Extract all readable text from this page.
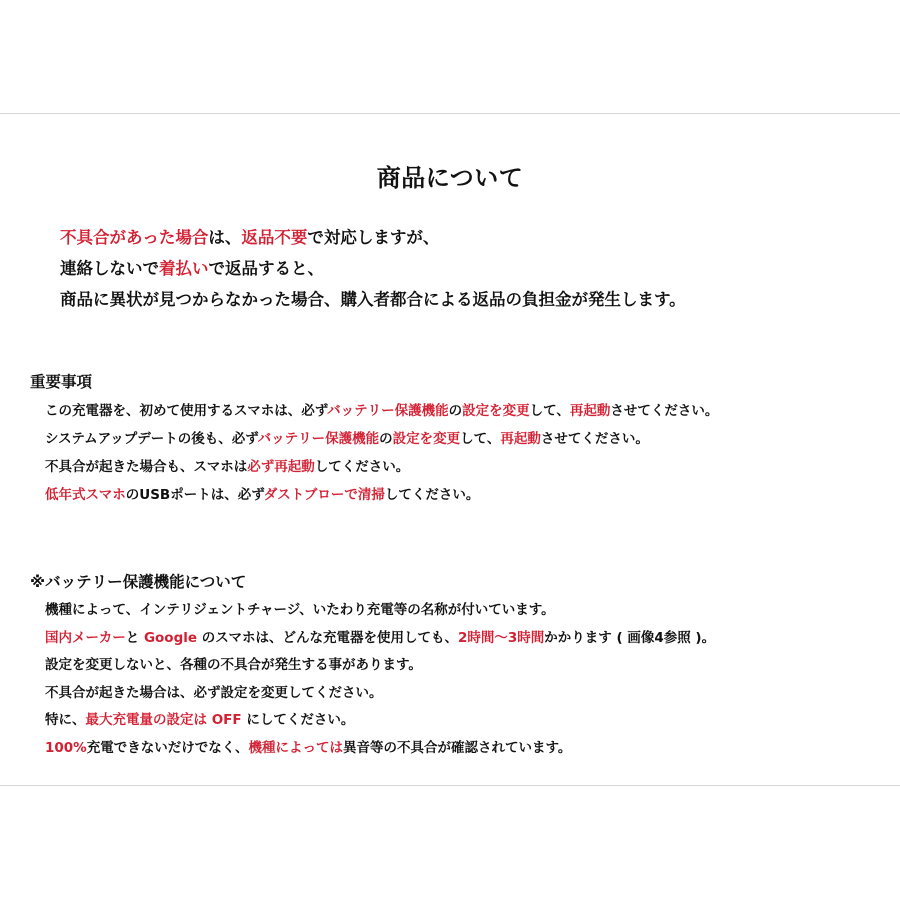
商品について
不具合があった場合は、返品不要で対応しますが、
連絡しないで着払いで返品すると、
商品に異状が見つからなかった場合、購入者都合による返品の負担金が発生します。
重要事項
この充電器を、初めて使用するスマホは、必ずバッテリー保護機能の設定を変更して、再起動させてください。
システムアップデートの後も、必ずバッテリー保護機能の設定を変更して、再起動させてください。
不具合が起きた場合も、スマホは必ず再起動してください。
低年式スマホのUSBポートは、必ずダストブローで清掃してください。
※バッテリー保護機能について
機種によって、インテリジェントチャージ、いたわり充電等の名称が付いています。
国内メーカーと Google のスマホは、どんな充電器を使用しても、2時間～3時間かかります ( 画像4参照 )。
設定を変更しないと、各種の不具合が発生する事があります。
不具合が起きた場合は、必ず設定を変更してください。
特に、最大充電量の設定は OFF にしてください。
100%充電できないだけでなく、機種によっては異音等の不具合が確認されています。
